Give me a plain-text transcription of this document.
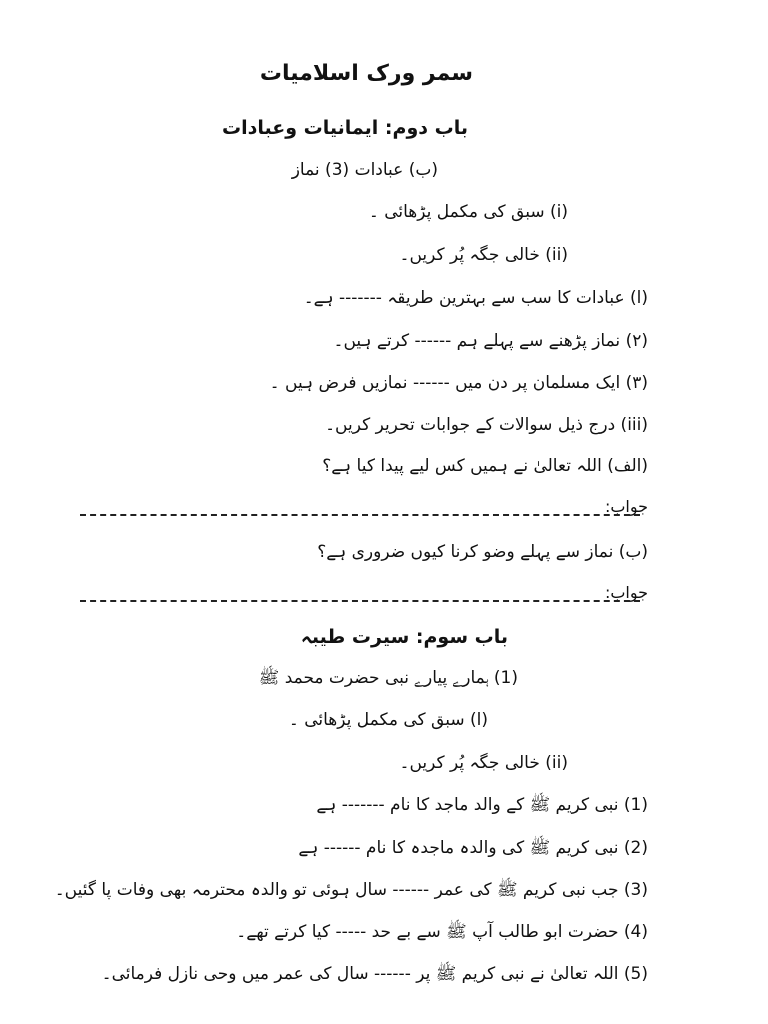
سمر ورک اسلامیات
باب دوم: ایمانیات وعبادات
(ب) عبادات (3) نماز
(i) سبق کی مکمل پڑھائی ۔
(ii) خالی جگہ پُر کریں۔
(ا) عبادات کا سب سے بہترین طریقہ ------- ہے۔
(۲) نماز پڑھنے سے پہلے ہم ------ کرتے ہیں۔
(۳) ایک مسلمان پر دن میں ------ نمازیں فرض ہیں ۔
(iii) درج ذیل سوالات کے جوابات تحریر کریں۔
(الف) اللہ تعالیٰ نے ہمیں کس لیے پیدا کیا ہے؟
جواب:
(ب) نماز سے پہلے وضو کرنا کیوں ضروری ہے؟
جواب:
باب سوم: سیرت طیبہ
(1) ہمارے پیارے نبی حضرت محمد ﷺ
(ا) سبق کی مکمل پڑھائی ۔
(ii) خالی جگہ پُر کریں۔
(1) نبی کریم ﷺ کے والد ماجد کا نام ------- ہے
(2) نبی کریم ﷺ کی والدہ ماجدہ کا نام ------ ہے
(3) جب نبی کریم ﷺ کی عمر ------ سال ہوئی تو والدہ محترمہ بھی وفات پا گئیں۔
(4) حضرت ابو طالب آپ ﷺ سے بے حد ----- کیا کرتے تھے۔
(5) اللہ تعالیٰ نے نبی کریم ﷺ پر ------ سال کی عمر میں وحی نازل فرمائی۔
